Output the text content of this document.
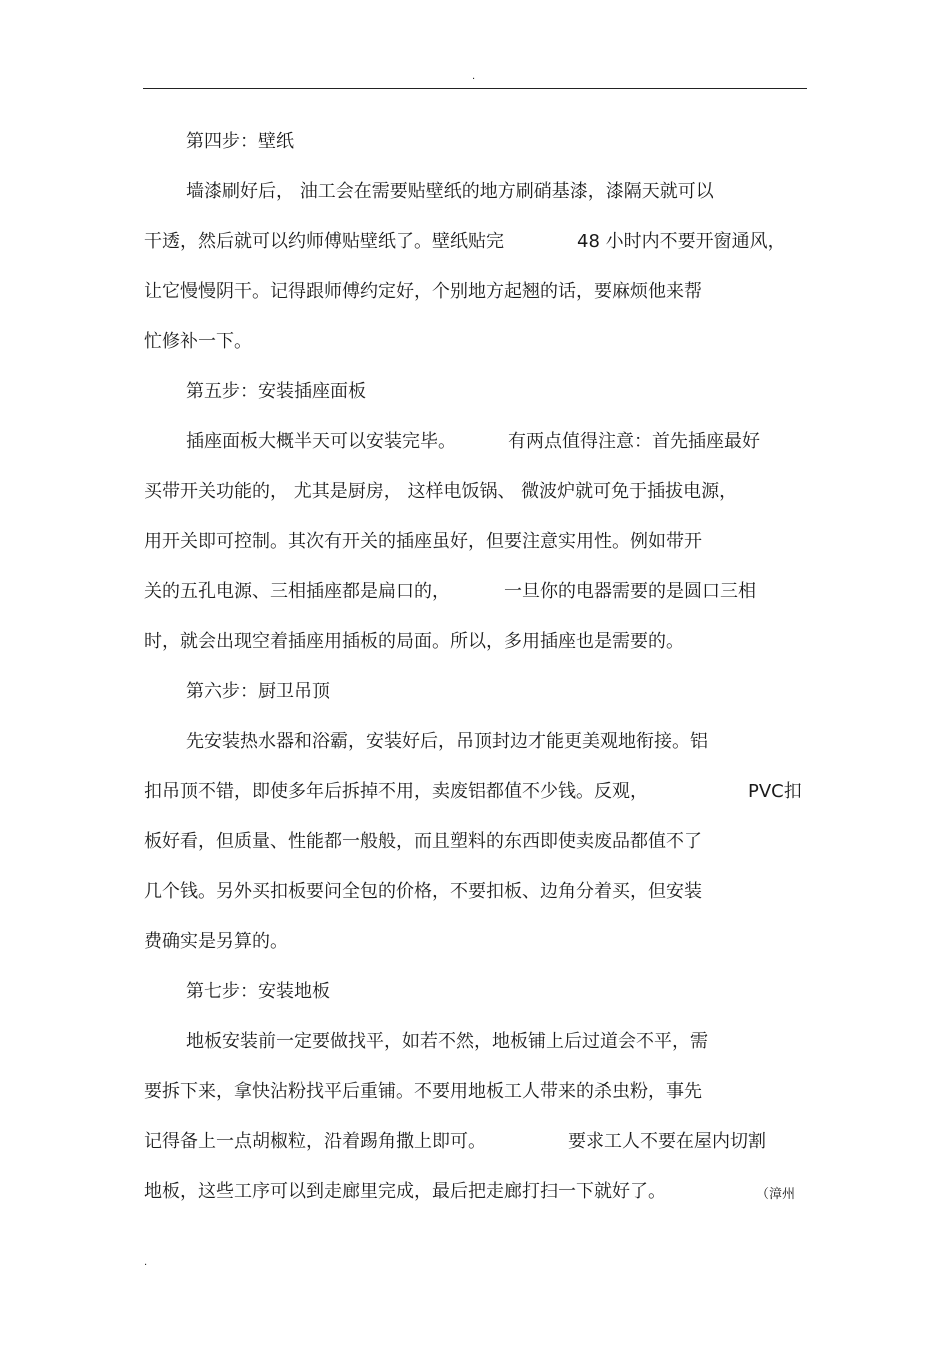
.
第四步：壁纸
墙漆刷好后， 油工会在需要贴壁纸的地方刷硝基漆，漆隔天就可以
干透，然后就可以约师傅贴壁纸了。壁纸贴完	48 小时内不要开窗通风，
让它慢慢阴干。记得跟师傅约定好，个别地方起翘的话，要麻烦他来帮
忙修补一下。
第五步：安装插座面板
插座面板大概半天可以安装完毕。	有两点值得注意：首先插座最好
买带开关功能的， 尤其是厨房， 这样电饭锅、 微波炉就可免于插拔电源，
用开关即可控制。其次有开关的插座虽好，但要注意实用性。例如带开
关的五孔电源、三相插座都是扁口的，	一旦你的电器需要的是圆口三相
时，就会出现空着插座用插板的局面。所以，多用插座也是需要的。
第六步：厨卫吊顶
先安装热水器和浴霸，安装好后，吊顶封边才能更美观地衔接。铝
扣吊顶不错，即使多年后拆掉不用，卖废铝都值不少钱。反观，	PVC扣
板好看，但质量、性能都一般般，而且塑料的东西即使卖废品都值不了
几个钱。另外买扣板要问全包的价格，不要扣板、边角分着买，但安装
费确实是另算的。
第七步：安装地板
地板安装前一定要做找平，如若不然，地板铺上后过道会不平，需
要拆下来，拿快沾粉找平后重铺。不要用地板工人带来的杀虫粉，事先
记得备上一点胡椒粒，沿着踢角撒上即可。	要求工人不要在屋内切割
地板，这些工序可以到走廊里完成，最后把走廊打扫一下就好了。	（漳州
.
